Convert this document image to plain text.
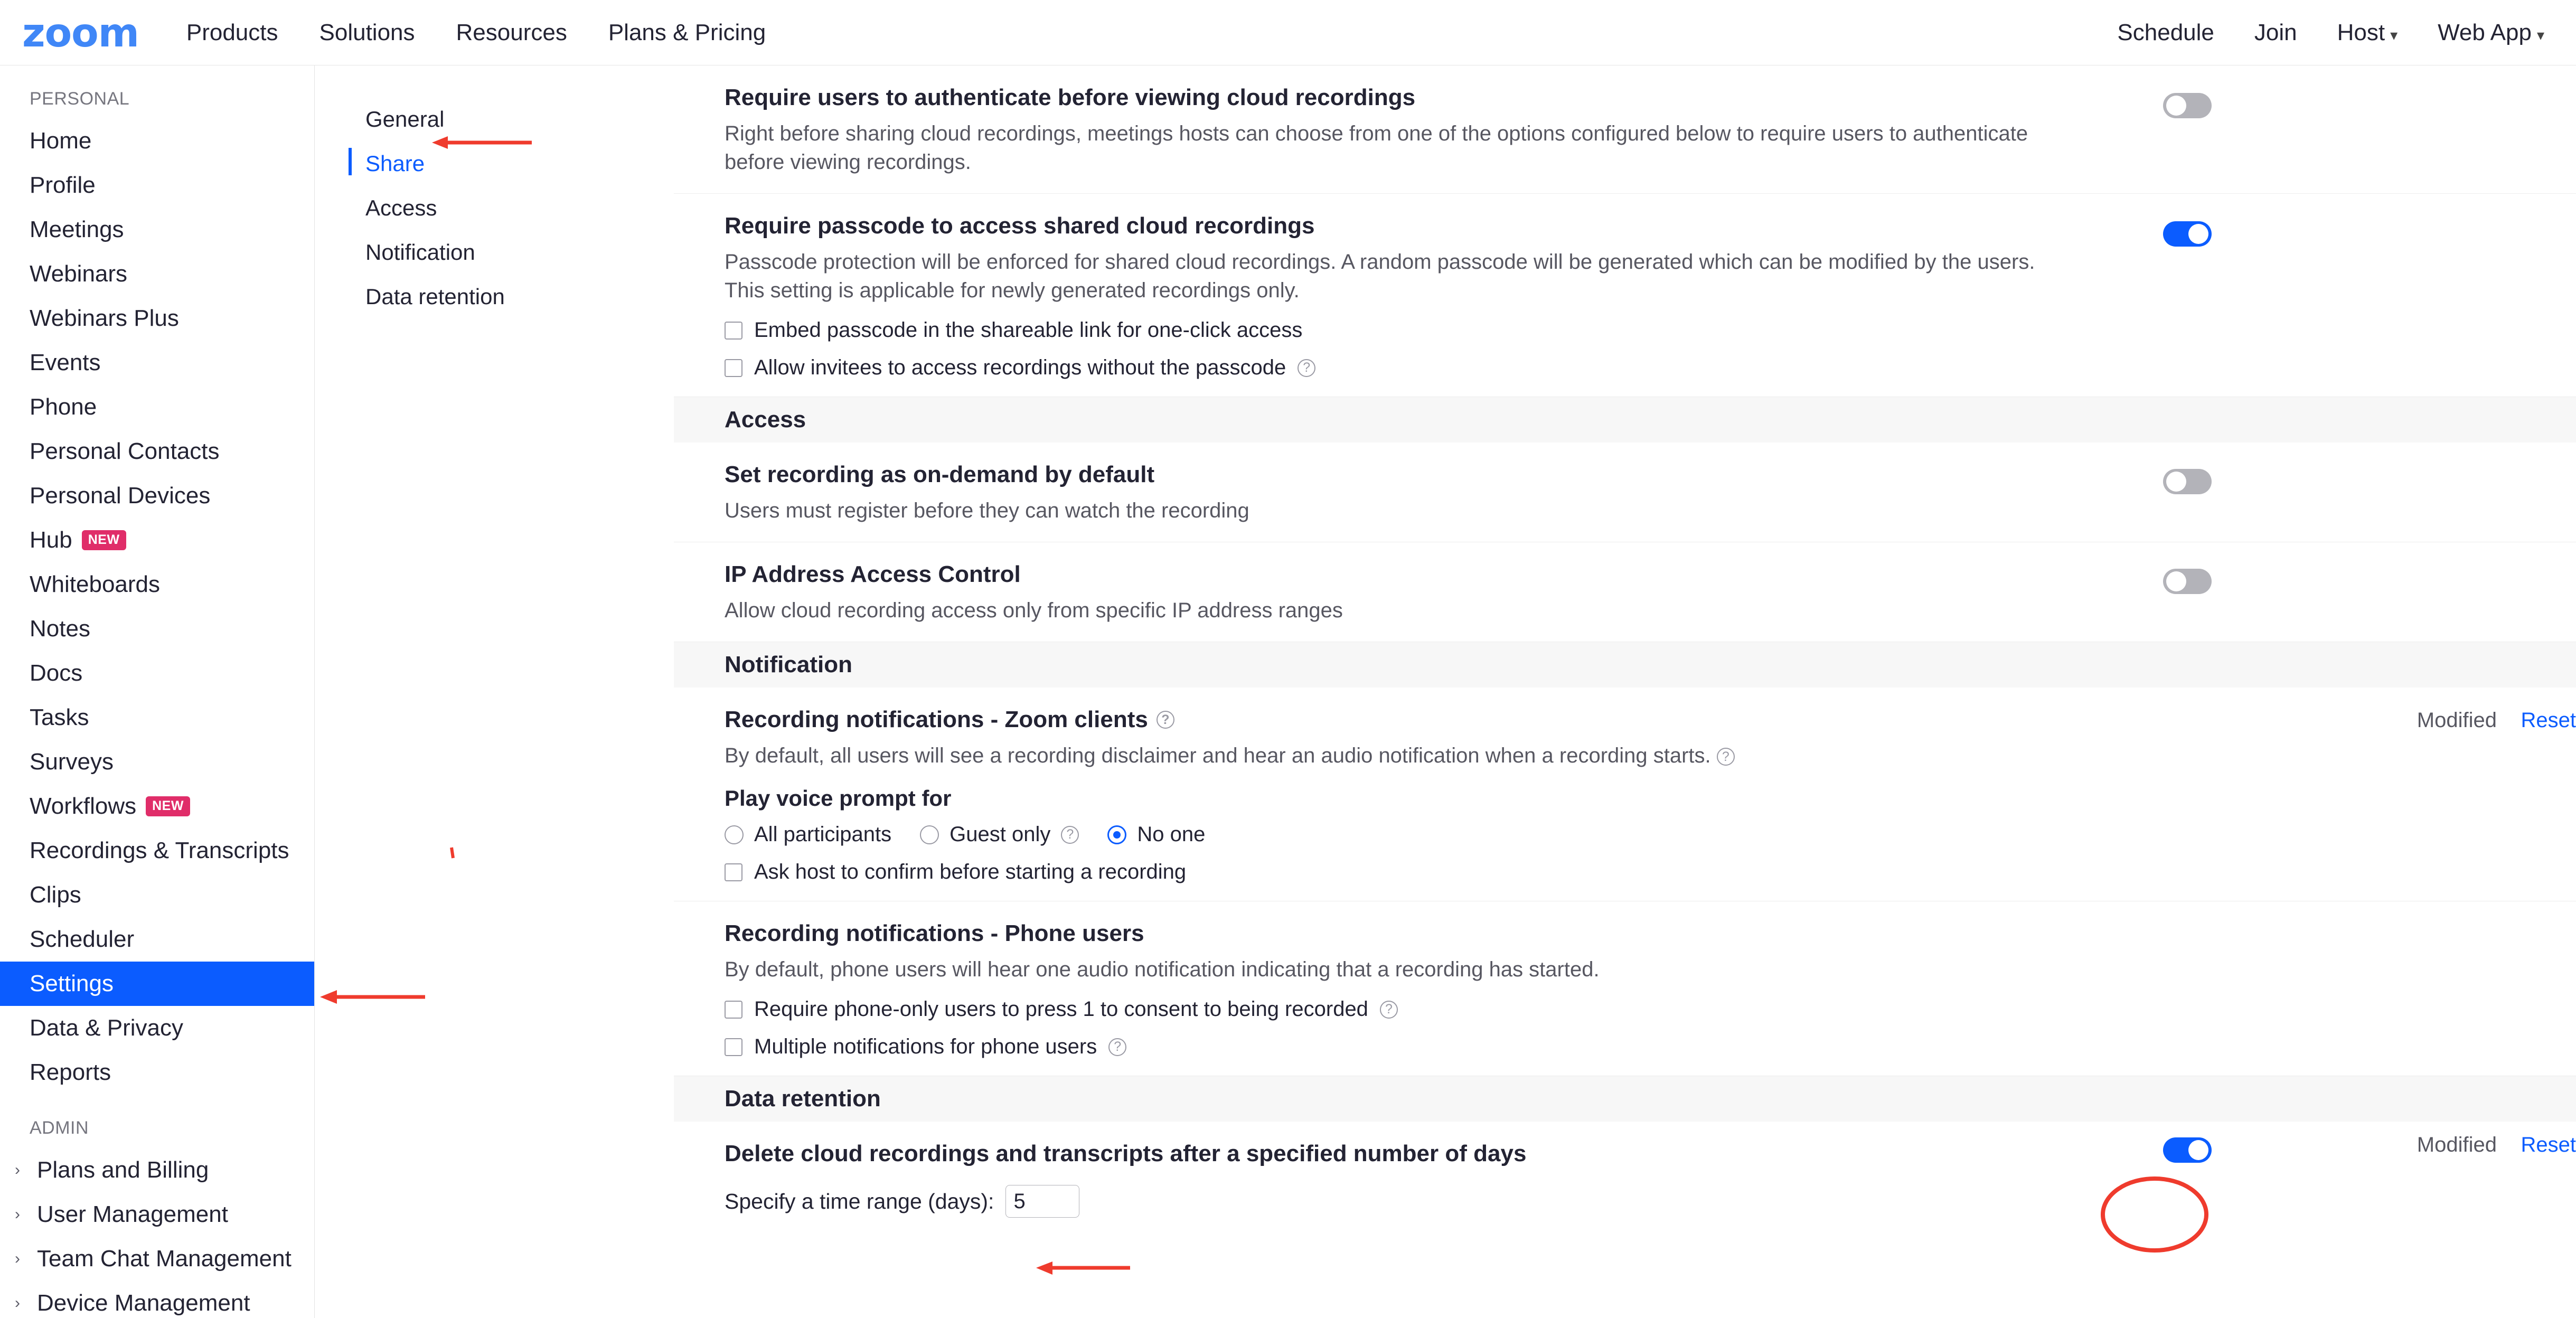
zoom Products Solutions Resources Plans & Pricing	Schedule Join Host ▾ Web App ▾
PERSONAL
Home
Profile
Meetings
Webinars
Webinars Plus
Events
Phone
Personal Contacts
Personal Devices
Hub	NEW
Whiteboards
Notes
Docs
Tasks
Surveys
Workflows	NEW
Recordings & Transcripts
Clips
Scheduler
Settings
Data & Privacy
Reports
ADMIN
› Plans and Billing
› User Management
› Team Chat Management
› Device Management
General
Share
Access
Notification
Data retention
Require users to authenticate before viewing cloud recordings
Right before sharing cloud recordings, meetings hosts can choose from one of the options configured below to require users to authenticate before viewing recordings.
Require passcode to access shared cloud recordings
Passcode protection will be enforced for shared cloud recordings. A random passcode will be generated which can be modified by the users. This setting is applicable for newly generated recordings only.
Embed passcode in the shareable link for one-click access
Allow invitees to access recordings without the passcode	?
Access
Set recording as on-demand by default
Users must register before they can watch the recording
IP Address Access Control
Allow cloud recording access only from specific IP address ranges
Notification
Recording notifications - Zoom clients	?
By default, all users will see a recording disclaimer and hear an audio notification when a recording starts. ?
Modified Reset
Play voice prompt for
All participants	Guest only	?	No one
Ask host to confirm before starting a recording
Recording notifications - Phone users
By default, phone users will hear one audio notification indicating that a recording has started.
Require phone-only users to press 1 to consent to being recorded	?
Multiple notifications for phone users	?
Data retention
Delete cloud recordings and transcripts after a specified number of days	Modified Reset
Specify a time range (days):
5
